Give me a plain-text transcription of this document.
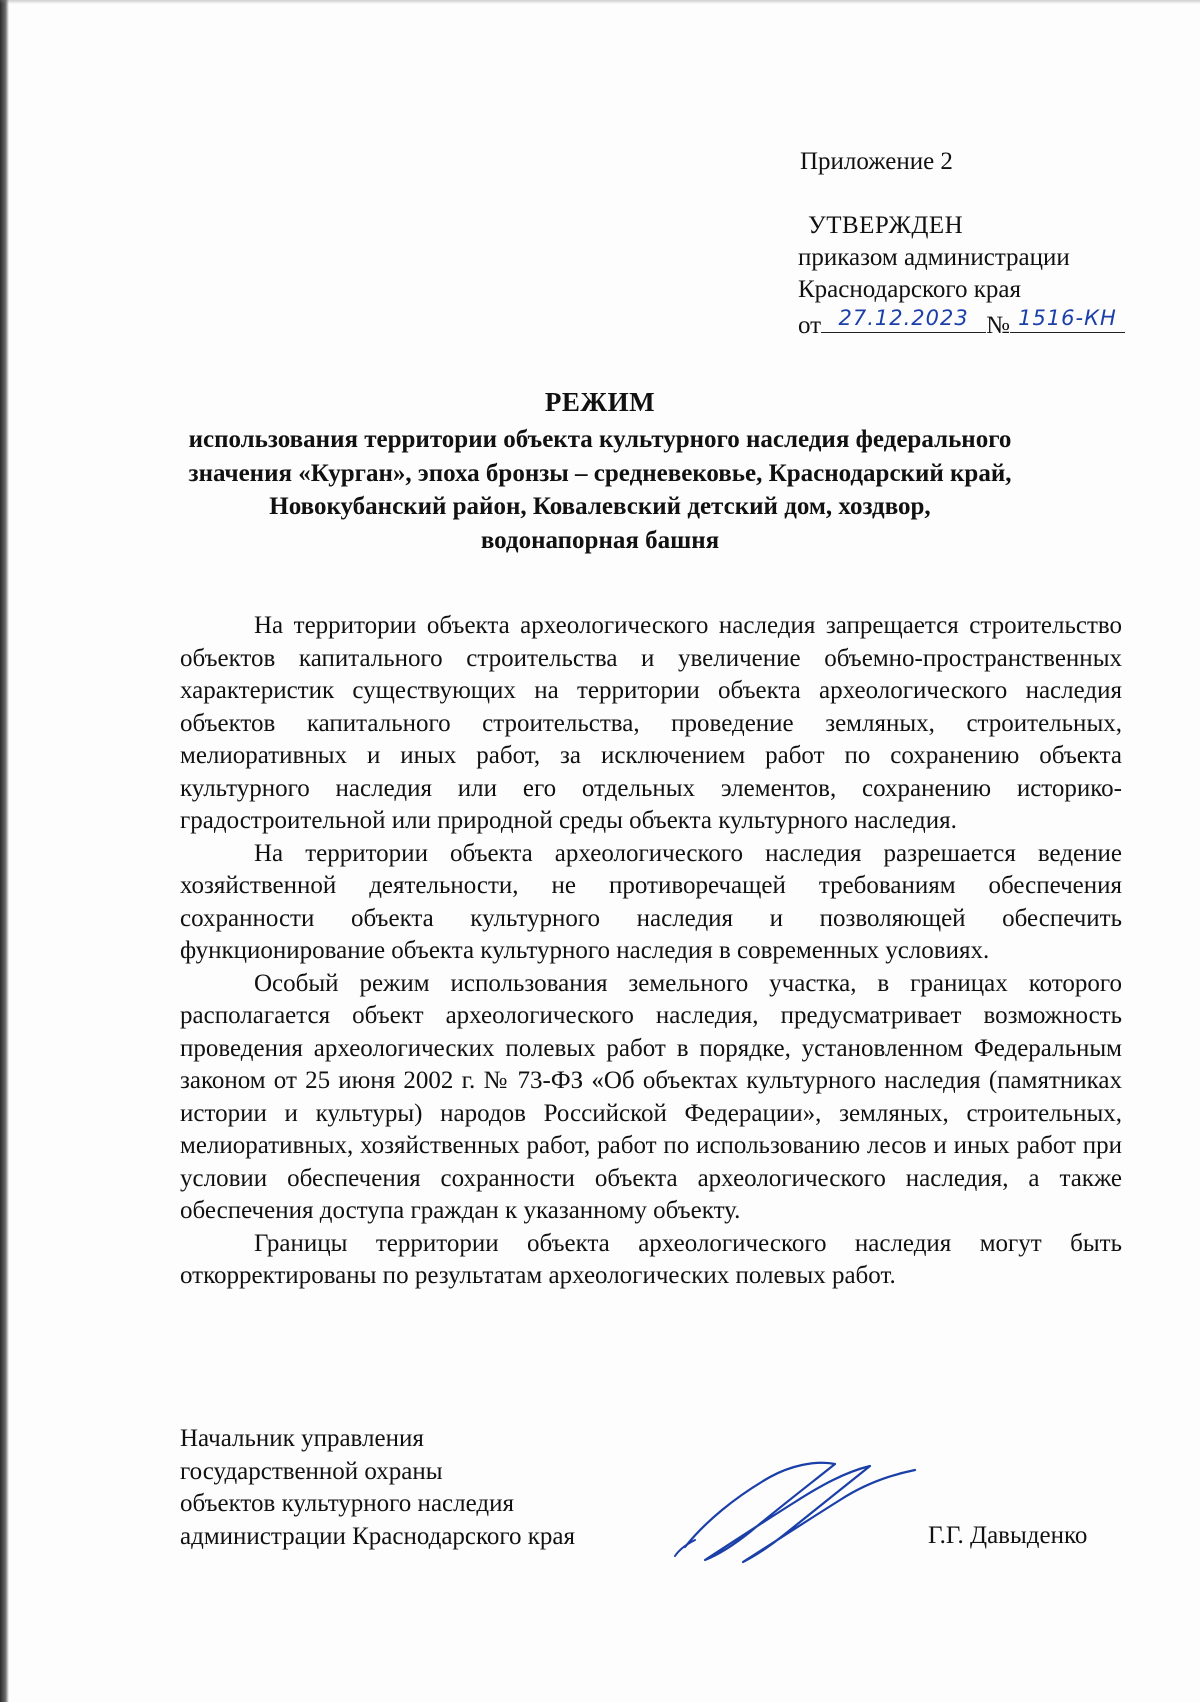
Приложение 2
УТВЕРЖДЕН
приказом администрации
Краснодарского края
от 27.12.2023 № 1516-КН
РЕЖИМ
использования территории объекта культурного наследия федерального
значения «Курган», эпоха бронзы – средневековье, Краснодарский край,
Новокубанский район, Ковалевский детский дом, хоздвор,
водонапорная башня

На территории объекта археологического наследия запрещается строительство объектов капитального строительства и увеличение объемно-пространственных характеристик существующих на территории объекта археологического наследия объектов капитального строительства, проведение земляных, строительных, мелиоративных и иных работ, за исключением работ по сохранению объекта культурного наследия или его отдельных элементов, сохранению историко-градостроительной или природной среды объекта культурного наследия.

На территории объекта археологического наследия разрешается ведение хозяйственной деятельности, не противоречащей требованиям обеспечения сохранности объекта культурного наследия и позволяющей обеспечить функционирование объекта культурного наследия в современных условиях.

Особый режим использования земельного участка, в границах которого располагается объект археологического наследия, предусматривает возможность проведения археологических полевых работ в порядке, установленном Федеральным законом от 25 июня 2002 г. № 73-ФЗ «Об объектах культурного наследия (памятниках истории и культуры) народов Российской Федерации», земляных, строительных, мелиоративных, хозяйственных работ, работ по использованию лесов и иных работ при условии обеспечения сохранности объекта археологического наследия, а также обеспечения доступа граждан к указанному объекту.

Границы территории объекта археологического наследия могут быть откорректированы по результатам археологических полевых работ.

Начальник управления
государственной охраны
объектов культурного наследия
администрации Краснодарского края	Г.Г. Давыденко
